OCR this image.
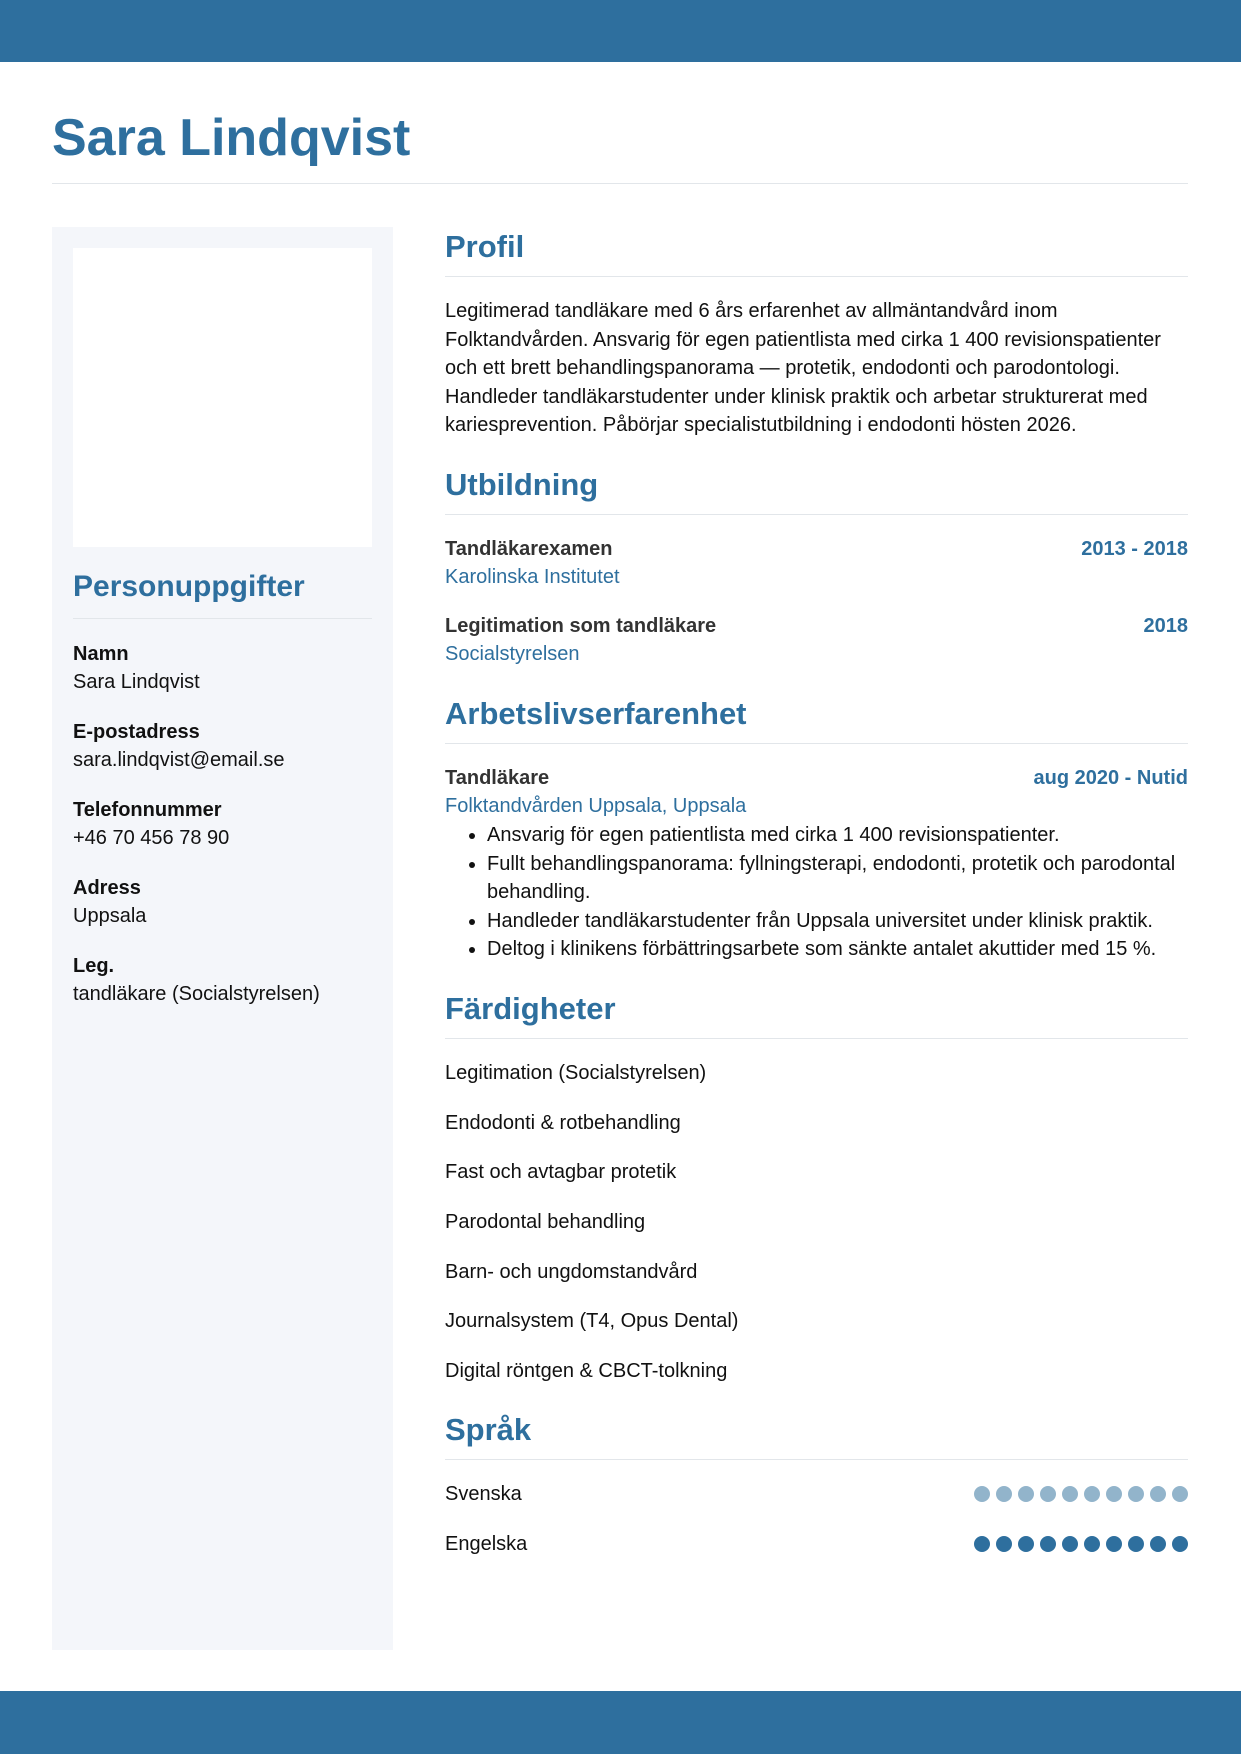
Sara Lindqvist
Personuppgifter
Namn
Sara Lindqvist
E-postadress
sara.lindqvist@email.se
Telefonnummer
+46 70 456 78 90
Adress
Uppsala
Leg.
tandläkare (Socialstyrelsen)
Profil

Legitimerad tandläkare med 6 års erfarenhet av allmäntandvård inom Folktandvården. Ansvarig för egen patientlista med cirka 1 400 revisionspatienter och ett brett behandlingspanorama — protetik, endodonti och parodontologi. Handleder tandläkarstudenter under klinisk praktik och arbetar strukturerat med kariesprevention. Påbörjar specialistutbildning i endodonti hösten 2026.

Utbildning
Tandläkarexamen	2013 - 2018
Karolinska Institutet
Legitimation som tandläkare	2018
Socialstyrelsen
Arbetslivserfarenhet
Tandläkare	aug 2020 - Nutid
Folktandvården Uppsala, Uppsala
• Ansvarig för egen patientlista med cirka 1 400 revisionspatienter.
• Fullt behandlingspanorama: fyllningsterapi, endodonti, protetik och parodontal behandling.
• Handleder tandläkarstudenter från Uppsala universitet under klinisk praktik.
• Deltog i klinikens förbättringsarbete som sänkte antalet akuttider med 15 %.
Färdigheter
Legitimation (Socialstyrelsen)
Endodonti & rotbehandling
Fast och avtagbar protetik
Parodontal behandling
Barn- och ungdomstandvård
Journalsystem (T4, Opus Dental)
Digital röntgen & CBCT-tolkning
Språk
Svenska
Engelska
